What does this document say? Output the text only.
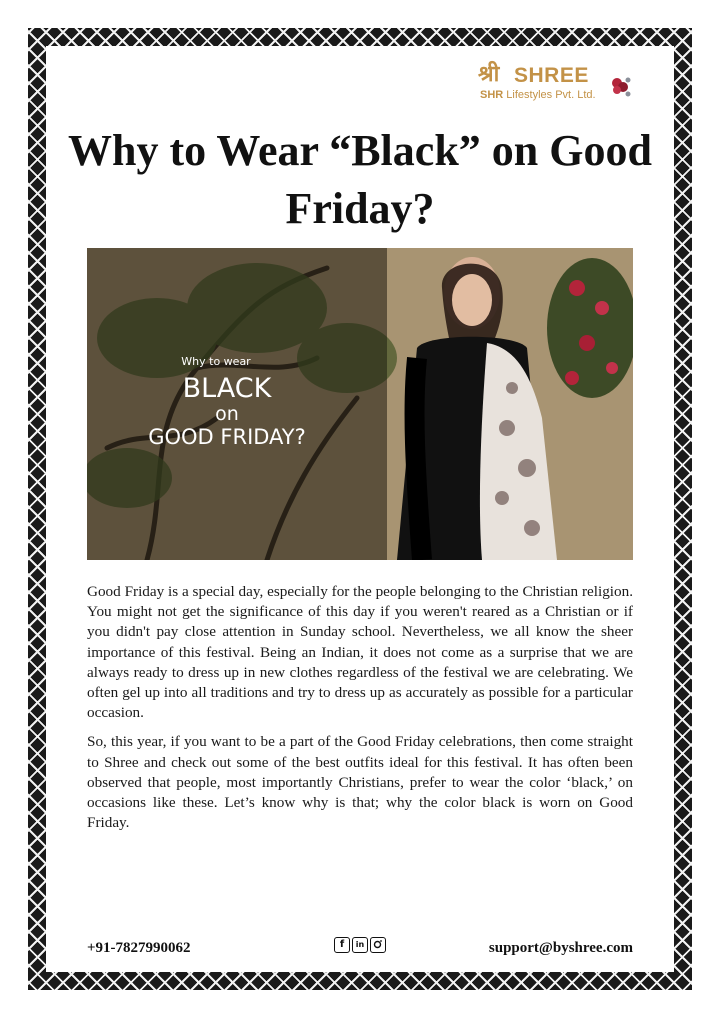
श्री SHREE
SHR Lifestyles Pvt. Ltd.
Why to Wear “Black” on Good Friday?
Why to wear
BLACK
on
GOOD FRIDAY?

Good Friday is a special day, especially for the people belonging to the Christian religion. You might not get the significance of this day if you weren't reared as a Christian or if you didn't pay close attention in Sunday school. Nevertheless, we all know the sheer importance of this festival. Being an Indian, it does not come as a surprise that we are always ready to dress up in new clothes regardless of the festival we are celebrating. We often gel up into all traditions and try to dress up as accurately as possible for a particular occasion.

So, this year, if you want to be a part of the Good Friday celebrations, then come straight to Shree and check out some of the best outfits ideal for this festival. It has often been observed that people, most importantly Christians, prefer to wear the color ‘black,’ on occasions like these. Let’s know why is that; why the color black is worn on Good Friday.

+91-7827990062	f	in	support@byshree.com
